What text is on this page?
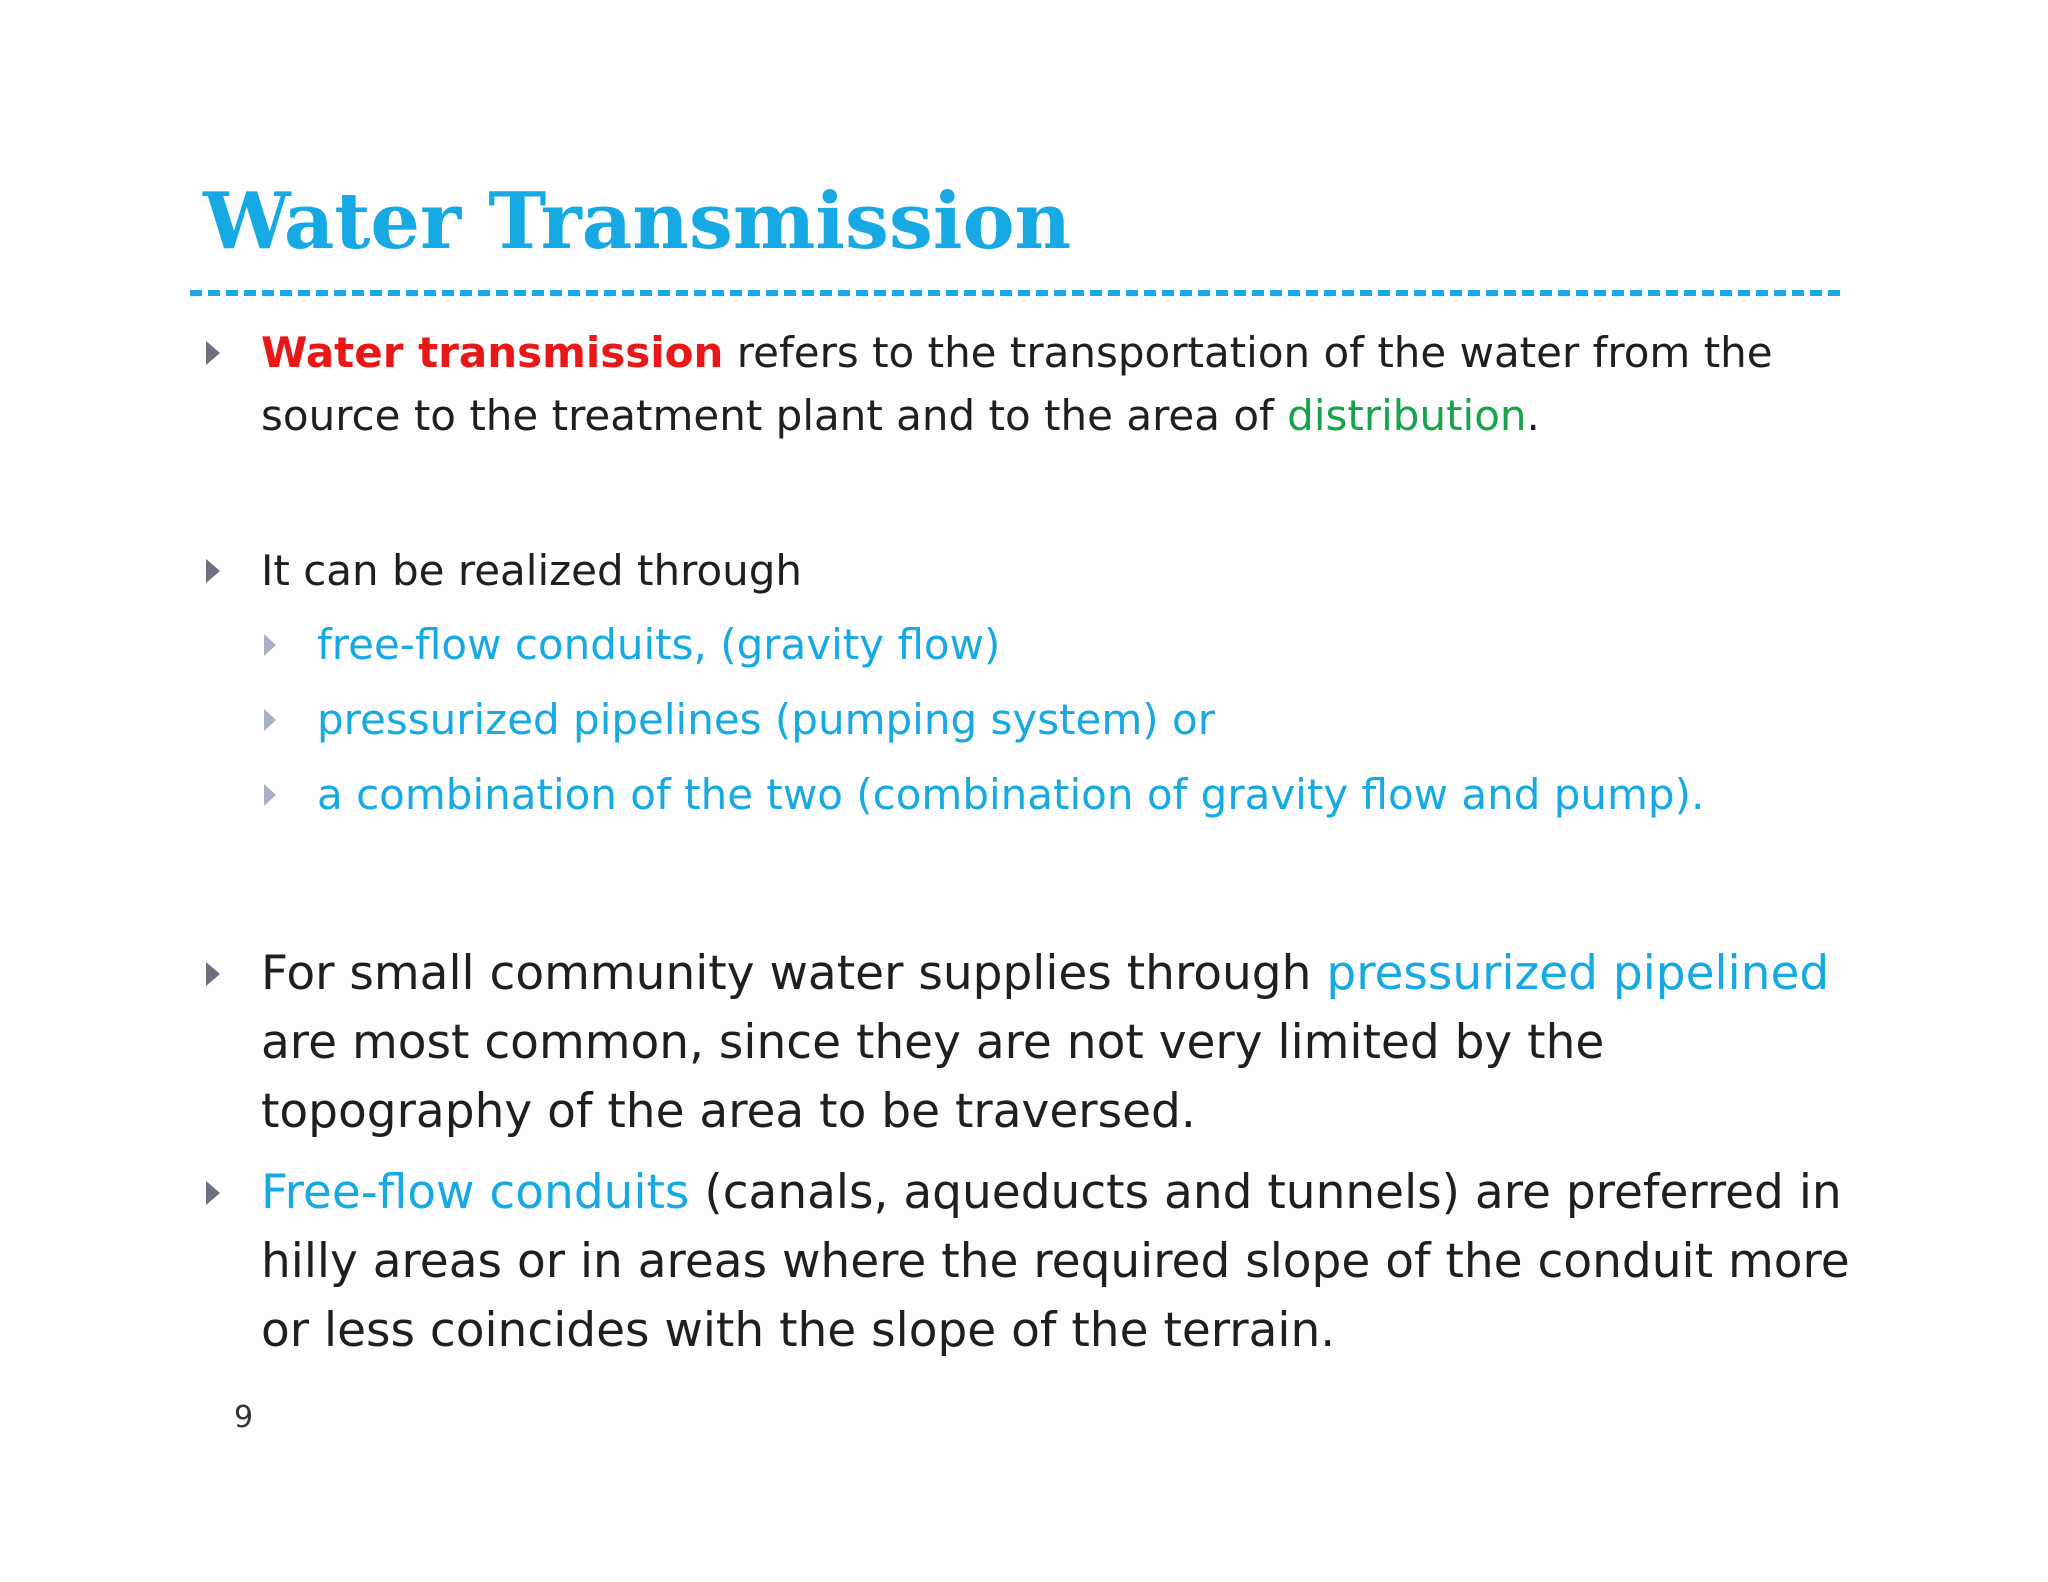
Water Transmission

Water transmission refers to the transportation of the water from the
source to the treatment plant and to the area of distribution.

It can be realized through

free-flow conduits, (gravity flow)

pressurized pipelines (pumping system) or

a combination of the two (combination of gravity flow and pump).

For small community water supplies through pressurized pipelined
are most common, since they are not very limited by the
topography of the area to be traversed.

Free-flow conduits (canals, aqueducts and tunnels) are preferred in
hilly areas or in areas where the required slope of the conduit more
or less coincides with the slope of the terrain.

9
